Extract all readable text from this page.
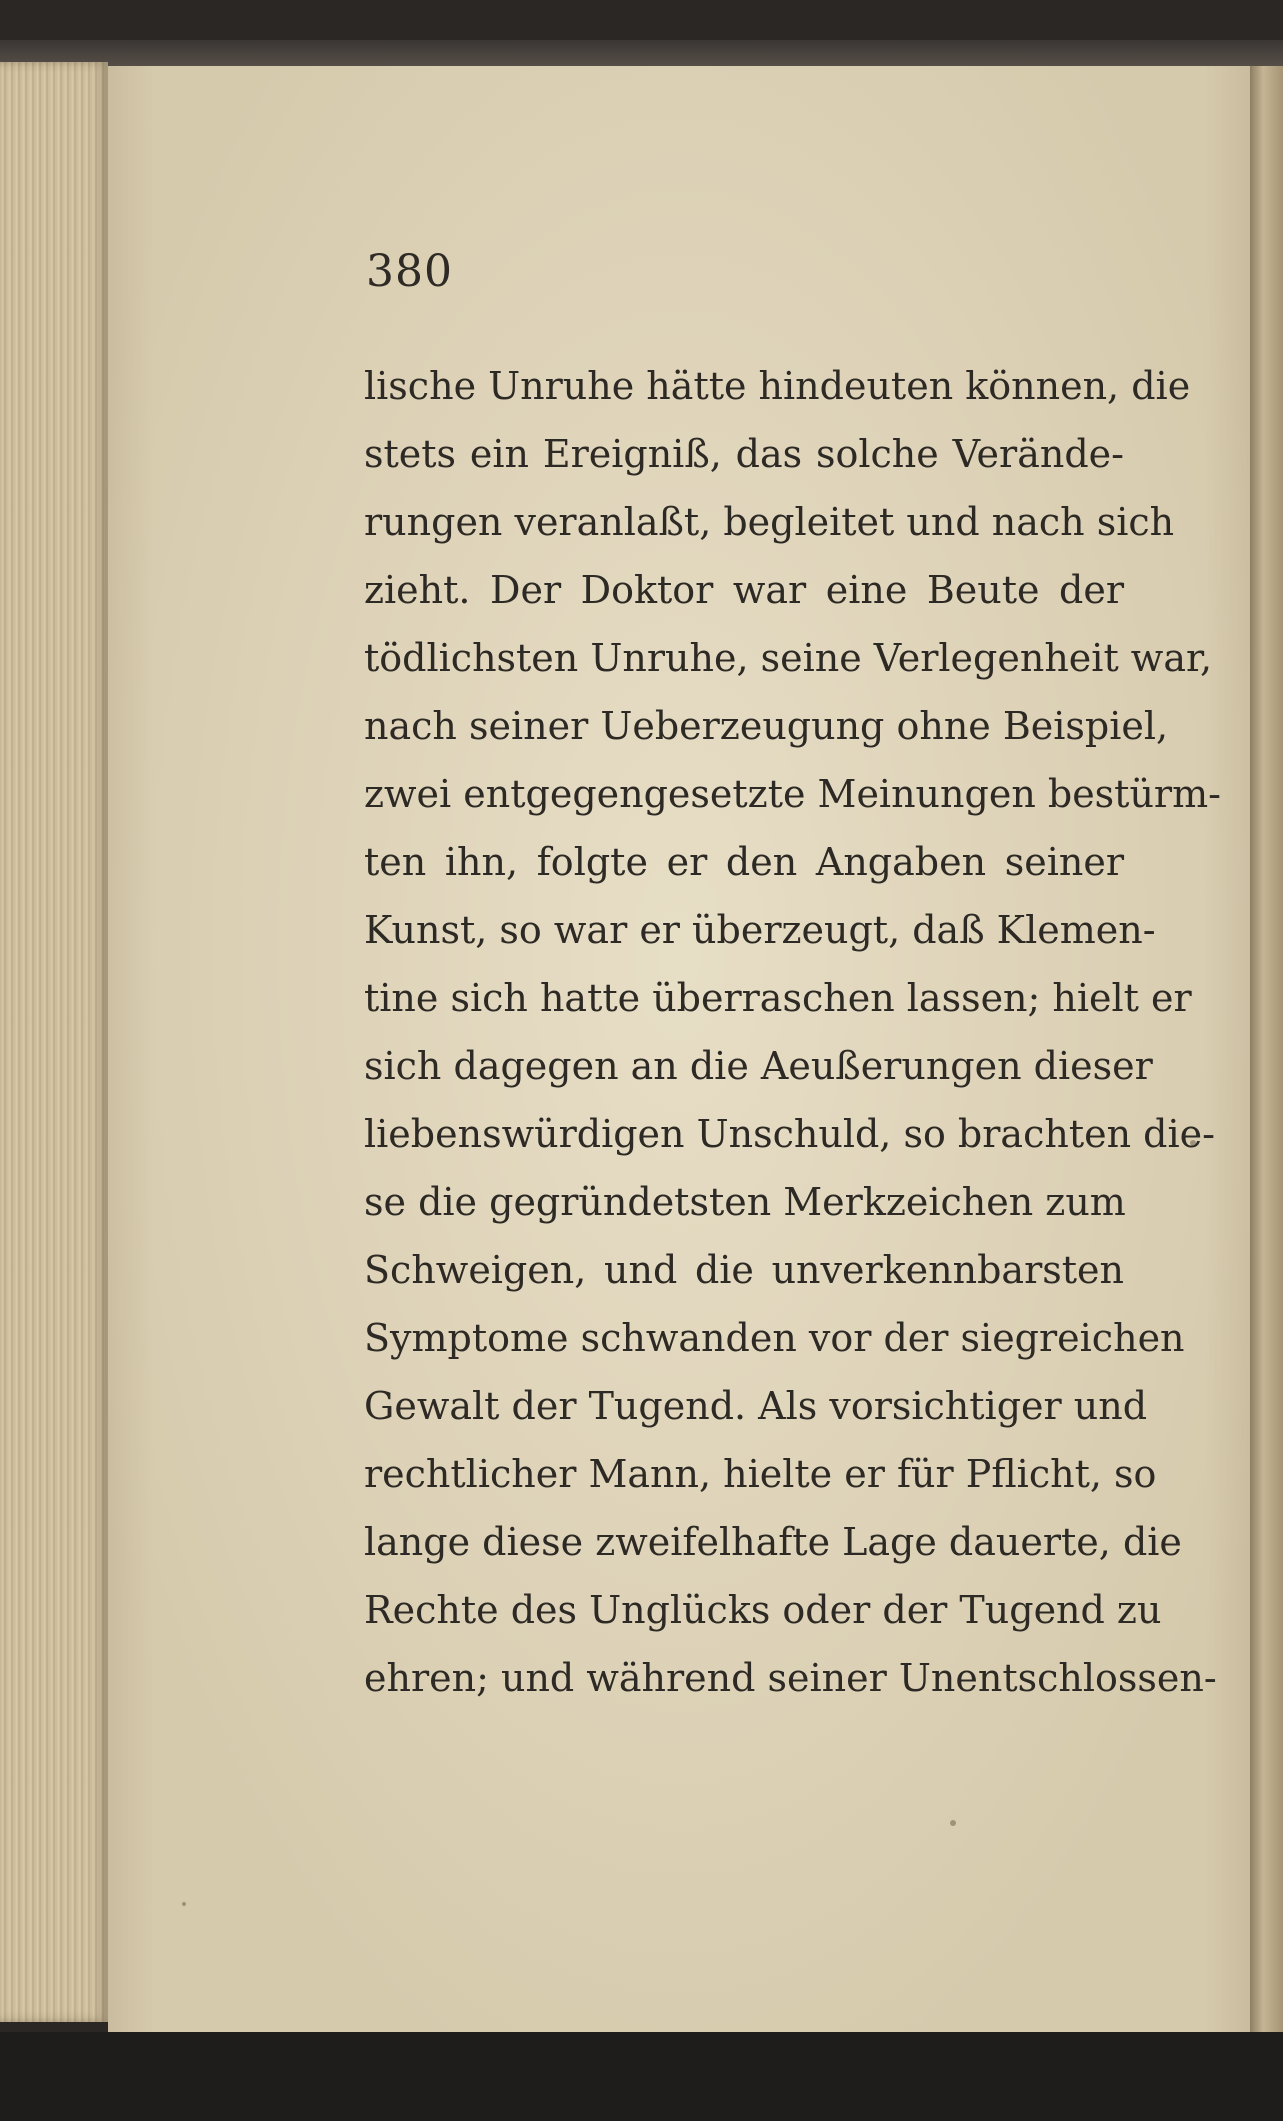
380
lische Unruhe hätte hindeuten können, die
stets ein Ereigniß, das solche Verände-
rungen veranlaßt, begleitet und nach sich
zieht. Der Doktor war eine Beute der
tödlichsten Unruhe, seine Verlegenheit war,
nach seiner Ueberzeugung ohne Beispiel,
zwei entgegengesetzte Meinungen bestürm-
ten ihn, folgte er den Angaben seiner
Kunst, so war er überzeugt, daß Klemen-
tine sich hatte überraschen lassen; hielt er
sich dagegen an die Aeußerungen dieser
liebenswürdigen Unschuld, so brachten die-
se die gegründetsten Merkzeichen zum
Schweigen, und die unverkennbarsten
Symptome schwanden vor der siegreichen
Gewalt der Tugend. Als vorsichtiger und
rechtlicher Mann, hielte er für Pflicht, so
lange diese zweifelhafte Lage dauerte, die
Rechte des Unglücks oder der Tugend zu
ehren; und während seiner Unentschlossen-
